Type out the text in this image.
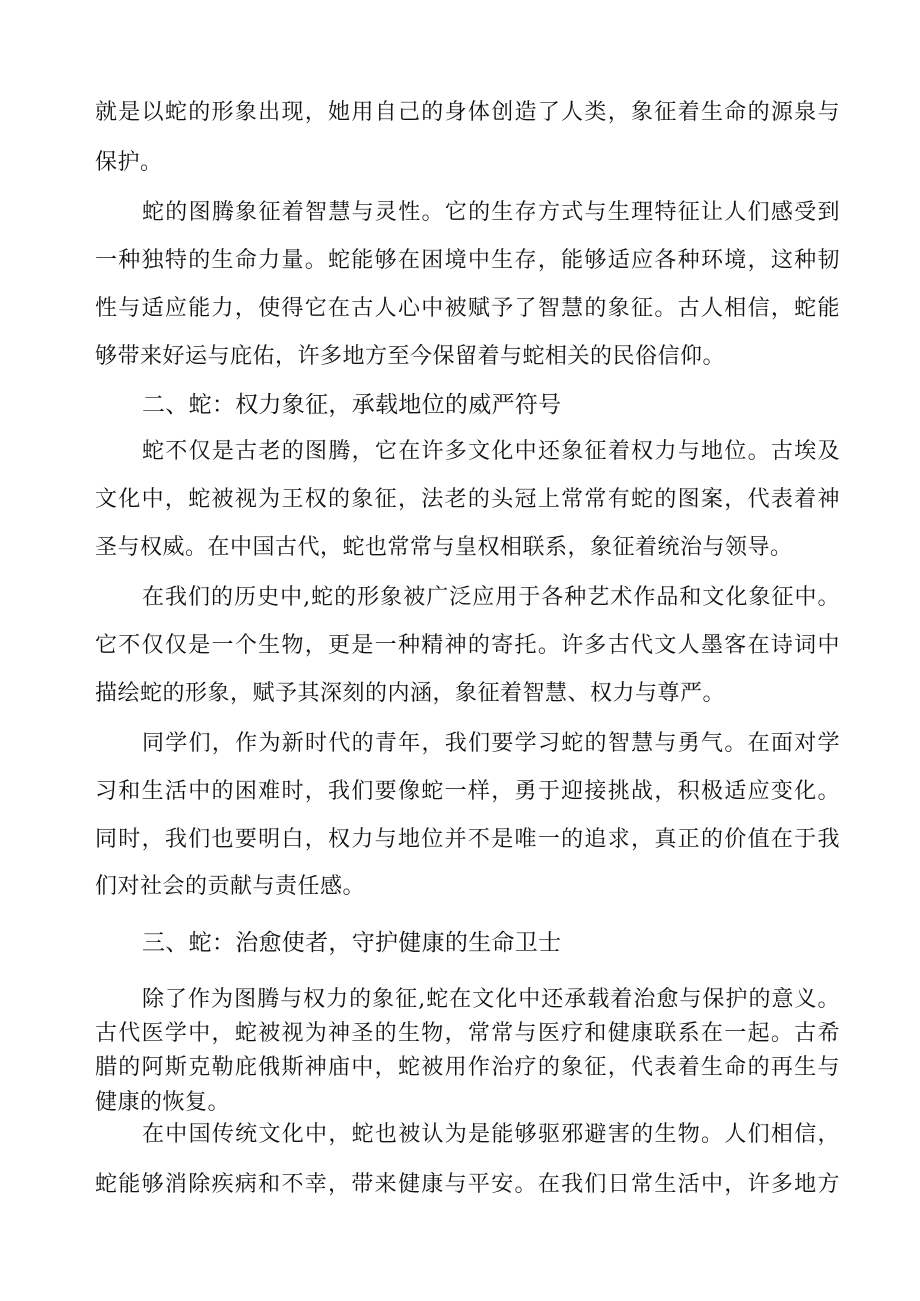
就是以蛇的形象出现，她用自己的身体创造了人类，象征着生命的源泉与

保护。

蛇的图腾象征着智慧与灵性。它的生存方式与生理特征让人们感受到

一种独特的生命力量。蛇能够在困境中生存，能够适应各种环境，这种韧

性与适应能力，使得它在古人心中被赋予了智慧的象征。古人相信，蛇能

够带来好运与庇佑，许多地方至今保留着与蛇相关的民俗信仰。

二、蛇：权力象征，承载地位的威严符号

蛇不仅是古老的图腾，它在许多文化中还象征着权力与地位。古埃及

文化中，蛇被视为王权的象征，法老的头冠上常常有蛇的图案，代表着神

圣与权威。在中国古代，蛇也常常与皇权相联系，象征着统治与领导。

在我们的历史中,蛇的形象被广泛应用于各种艺术作品和文化象征中。

它不仅仅是一个生物，更是一种精神的寄托。许多古代文人墨客在诗词中

描绘蛇的形象，赋予其深刻的内涵，象征着智慧、权力与尊严。

同学们，作为新时代的青年，我们要学习蛇的智慧与勇气。在面对学

习和生活中的困难时，我们要像蛇一样，勇于迎接挑战，积极适应变化。

同时，我们也要明白，权力与地位并不是唯一的追求，真正的价值在于我

们对社会的贡献与责任感。

三、蛇：治愈使者，守护健康的生命卫士

除了作为图腾与权力的象征,蛇在文化中还承载着治愈与保护的意义。

古代医学中，蛇被视为神圣的生物，常常与医疗和健康联系在一起。古希

腊的阿斯克勒庇俄斯神庙中，蛇被用作治疗的象征，代表着生命的再生与

健康的恢复。

在中国传统文化中，蛇也被认为是能够驱邪避害的生物。人们相信，

蛇能够消除疾病和不幸，带来健康与平安。在我们日常生活中，许多地方
